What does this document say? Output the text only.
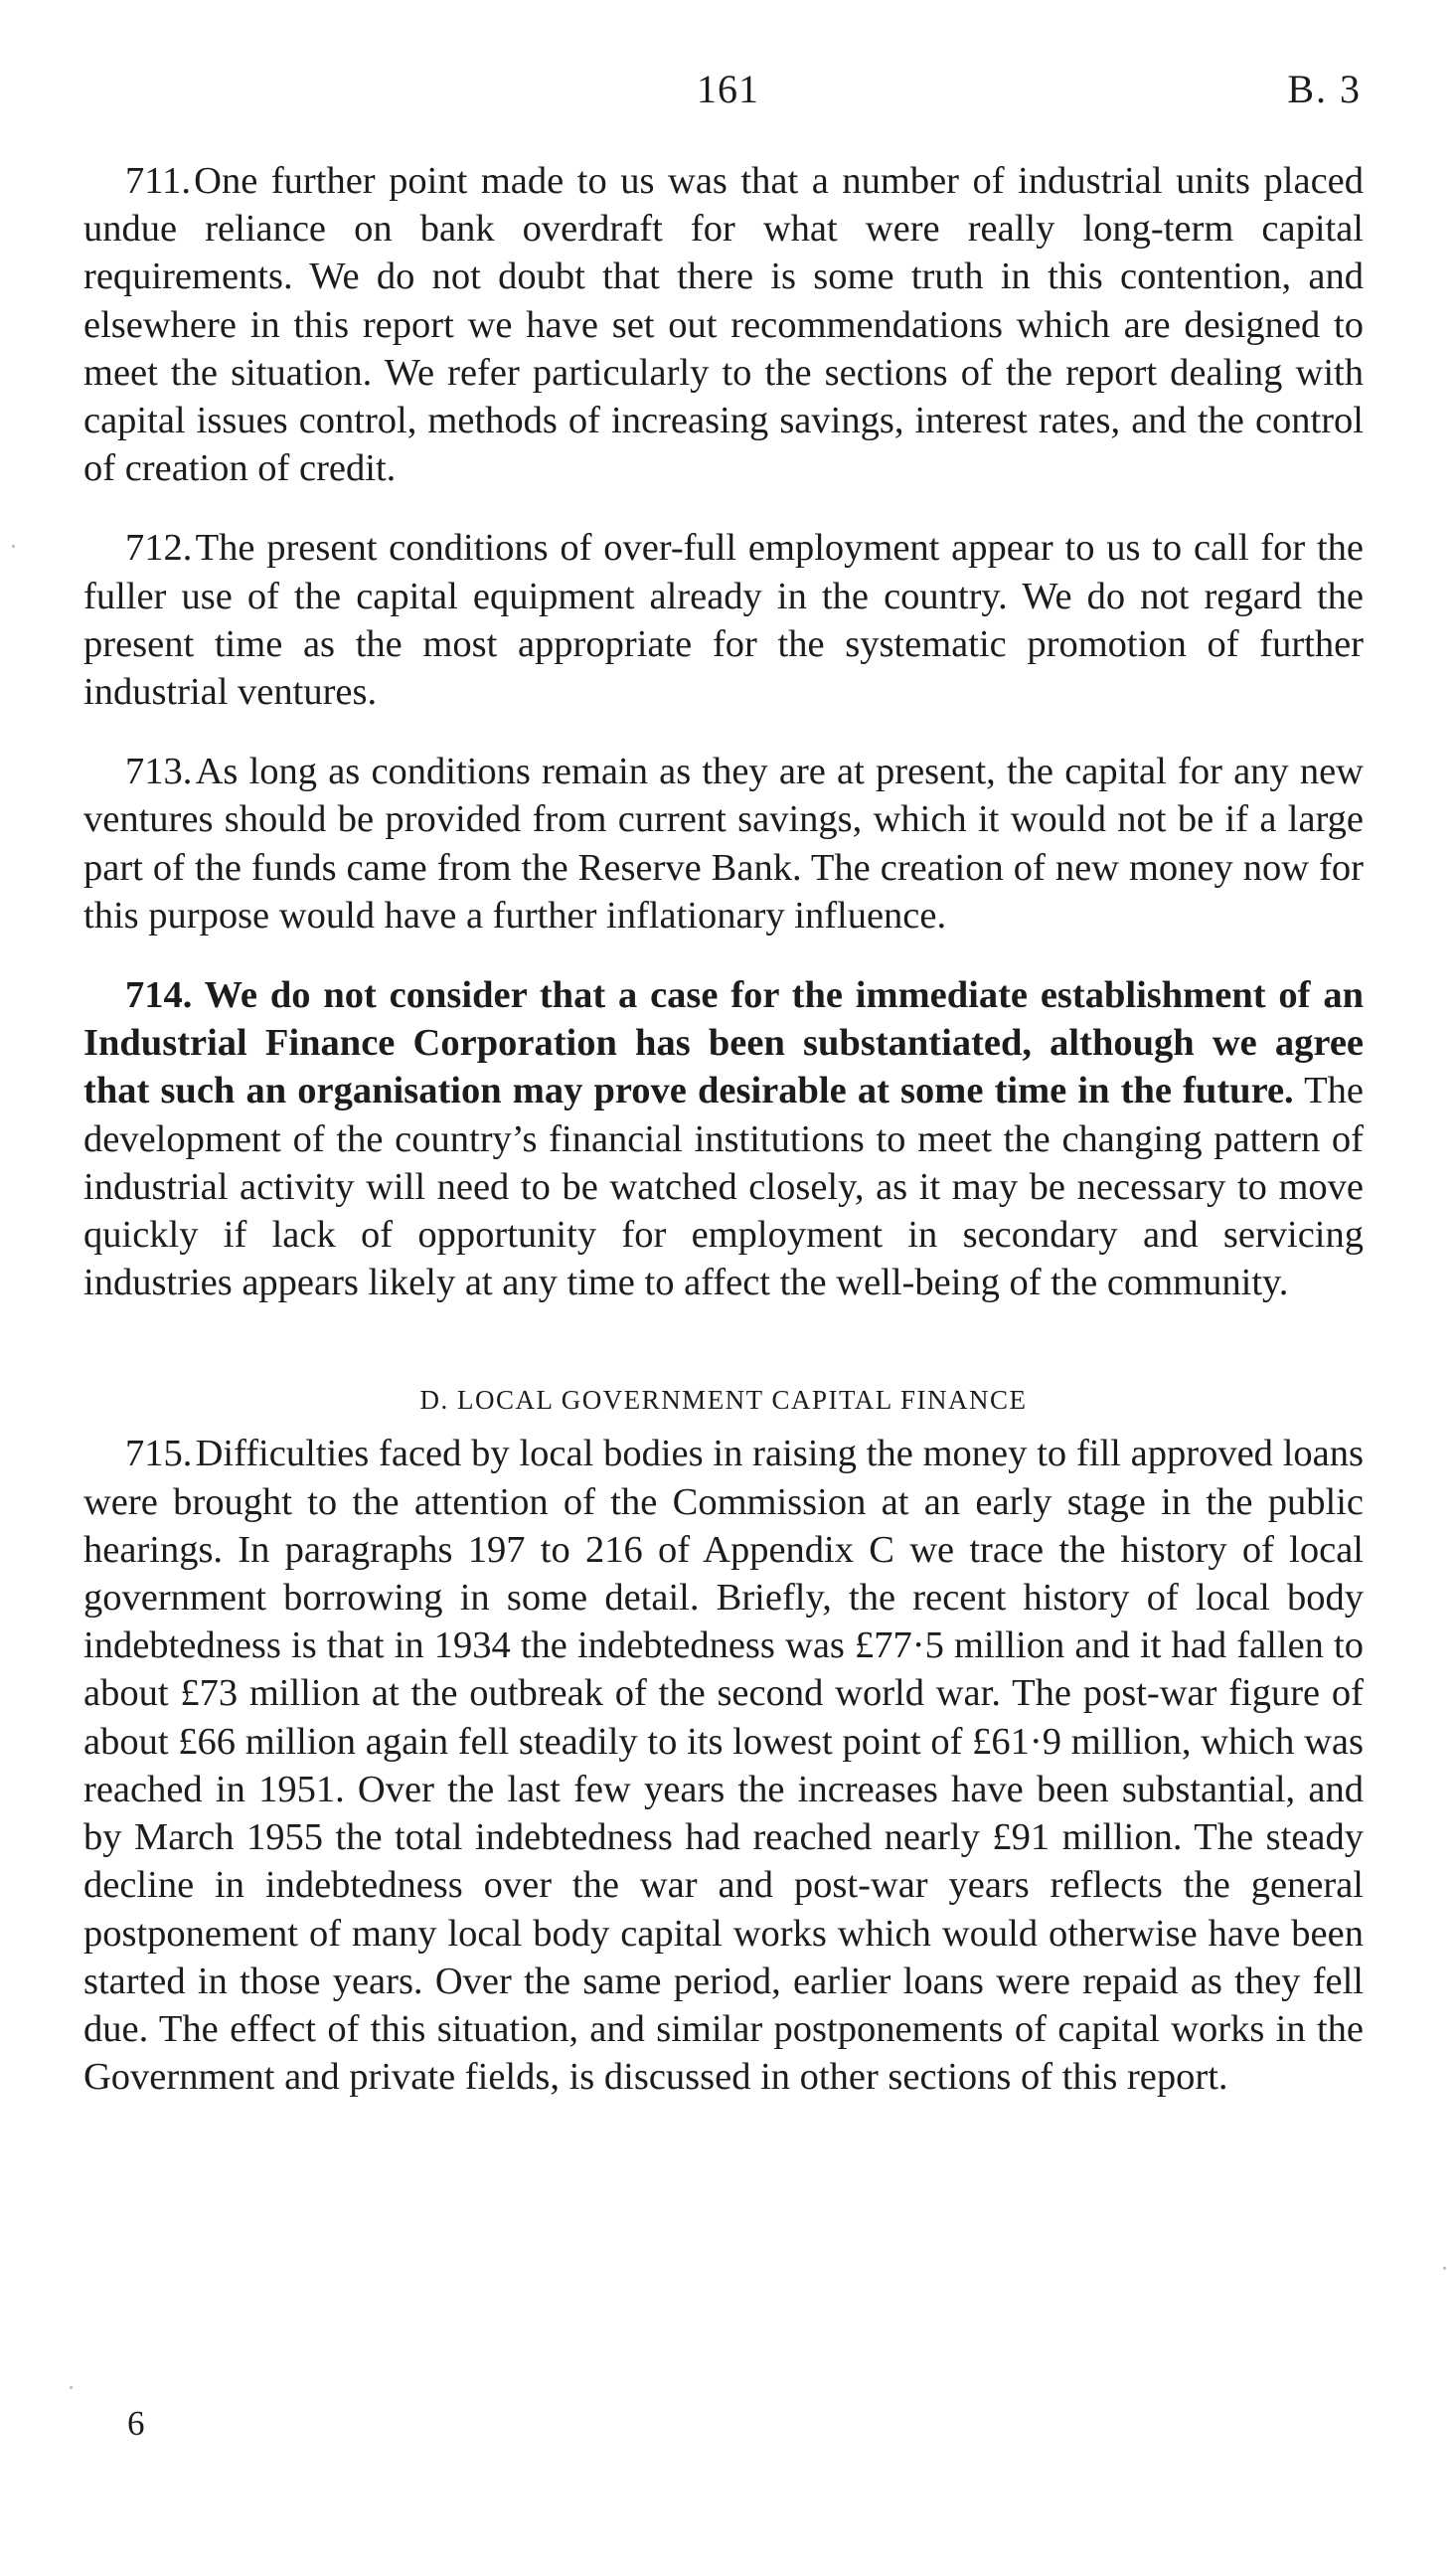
161	B. 3

711. One further point made to us was that a number of industrial units placed undue reliance on bank overdraft for what were really long-term capital requirements. We do not doubt that there is some truth in this contention, and elsewhere in this report we have set out recommendations which are designed to meet the situation. We refer particularly to the sections of the report dealing with capital issues control, methods of increasing savings, interest rates, and the control of creation of credit.

712. The present conditions of over-full employment appear to us to call for the fuller use of the capital equipment already in the country. We do not regard the present time as the most appropriate for the systematic promotion of further industrial ventures.

713. As long as conditions remain as they are at present, the capital for any new ventures should be provided from current savings, which it would not be if a large part of the funds came from the Reserve Bank. The creation of new money now for this purpose would have a further inflationary influence.

714. We do not consider that a case for the immediate establishment of an Industrial Finance Corporation has been substantiated, although we agree that such an organisation may prove desirable at some time in the future. The development of the country’s financial institutions to meet the changing pattern of industrial activity will need to be watched closely, as it may be necessary to move quickly if lack of opportunity for employment in secondary and servicing industries appears likely at any time to affect the well-being of the community.

D. LOCAL GOVERNMENT CAPITAL FINANCE

715. Difficulties faced by local bodies in raising the money to fill approved loans were brought to the attention of the Commission at an early stage in the public hearings. In paragraphs 197 to 216 of Appendix C we trace the history of local government borrowing in some detail. Briefly, the recent history of local body indebtedness is that in 1934 the indebtedness was £77·5 million and it had fallen to about £73 million at the outbreak of the second world war. The post-war figure of about £66 million again fell steadily to its lowest point of £61·9 million, which was reached in 1951. Over the last few years the increases have been substantial, and by March 1955 the total indebtedness had reached nearly £91 million. The steady decline in indebtedness over the war and post-war years reflects the general postponement of many local body capital works which would otherwise have been started in those years. Over the same period, earlier loans were repaid as they fell due. The effect of this situation, and similar postponements of capital works in the Government and private fields, is discussed in other sections of this report.

6
